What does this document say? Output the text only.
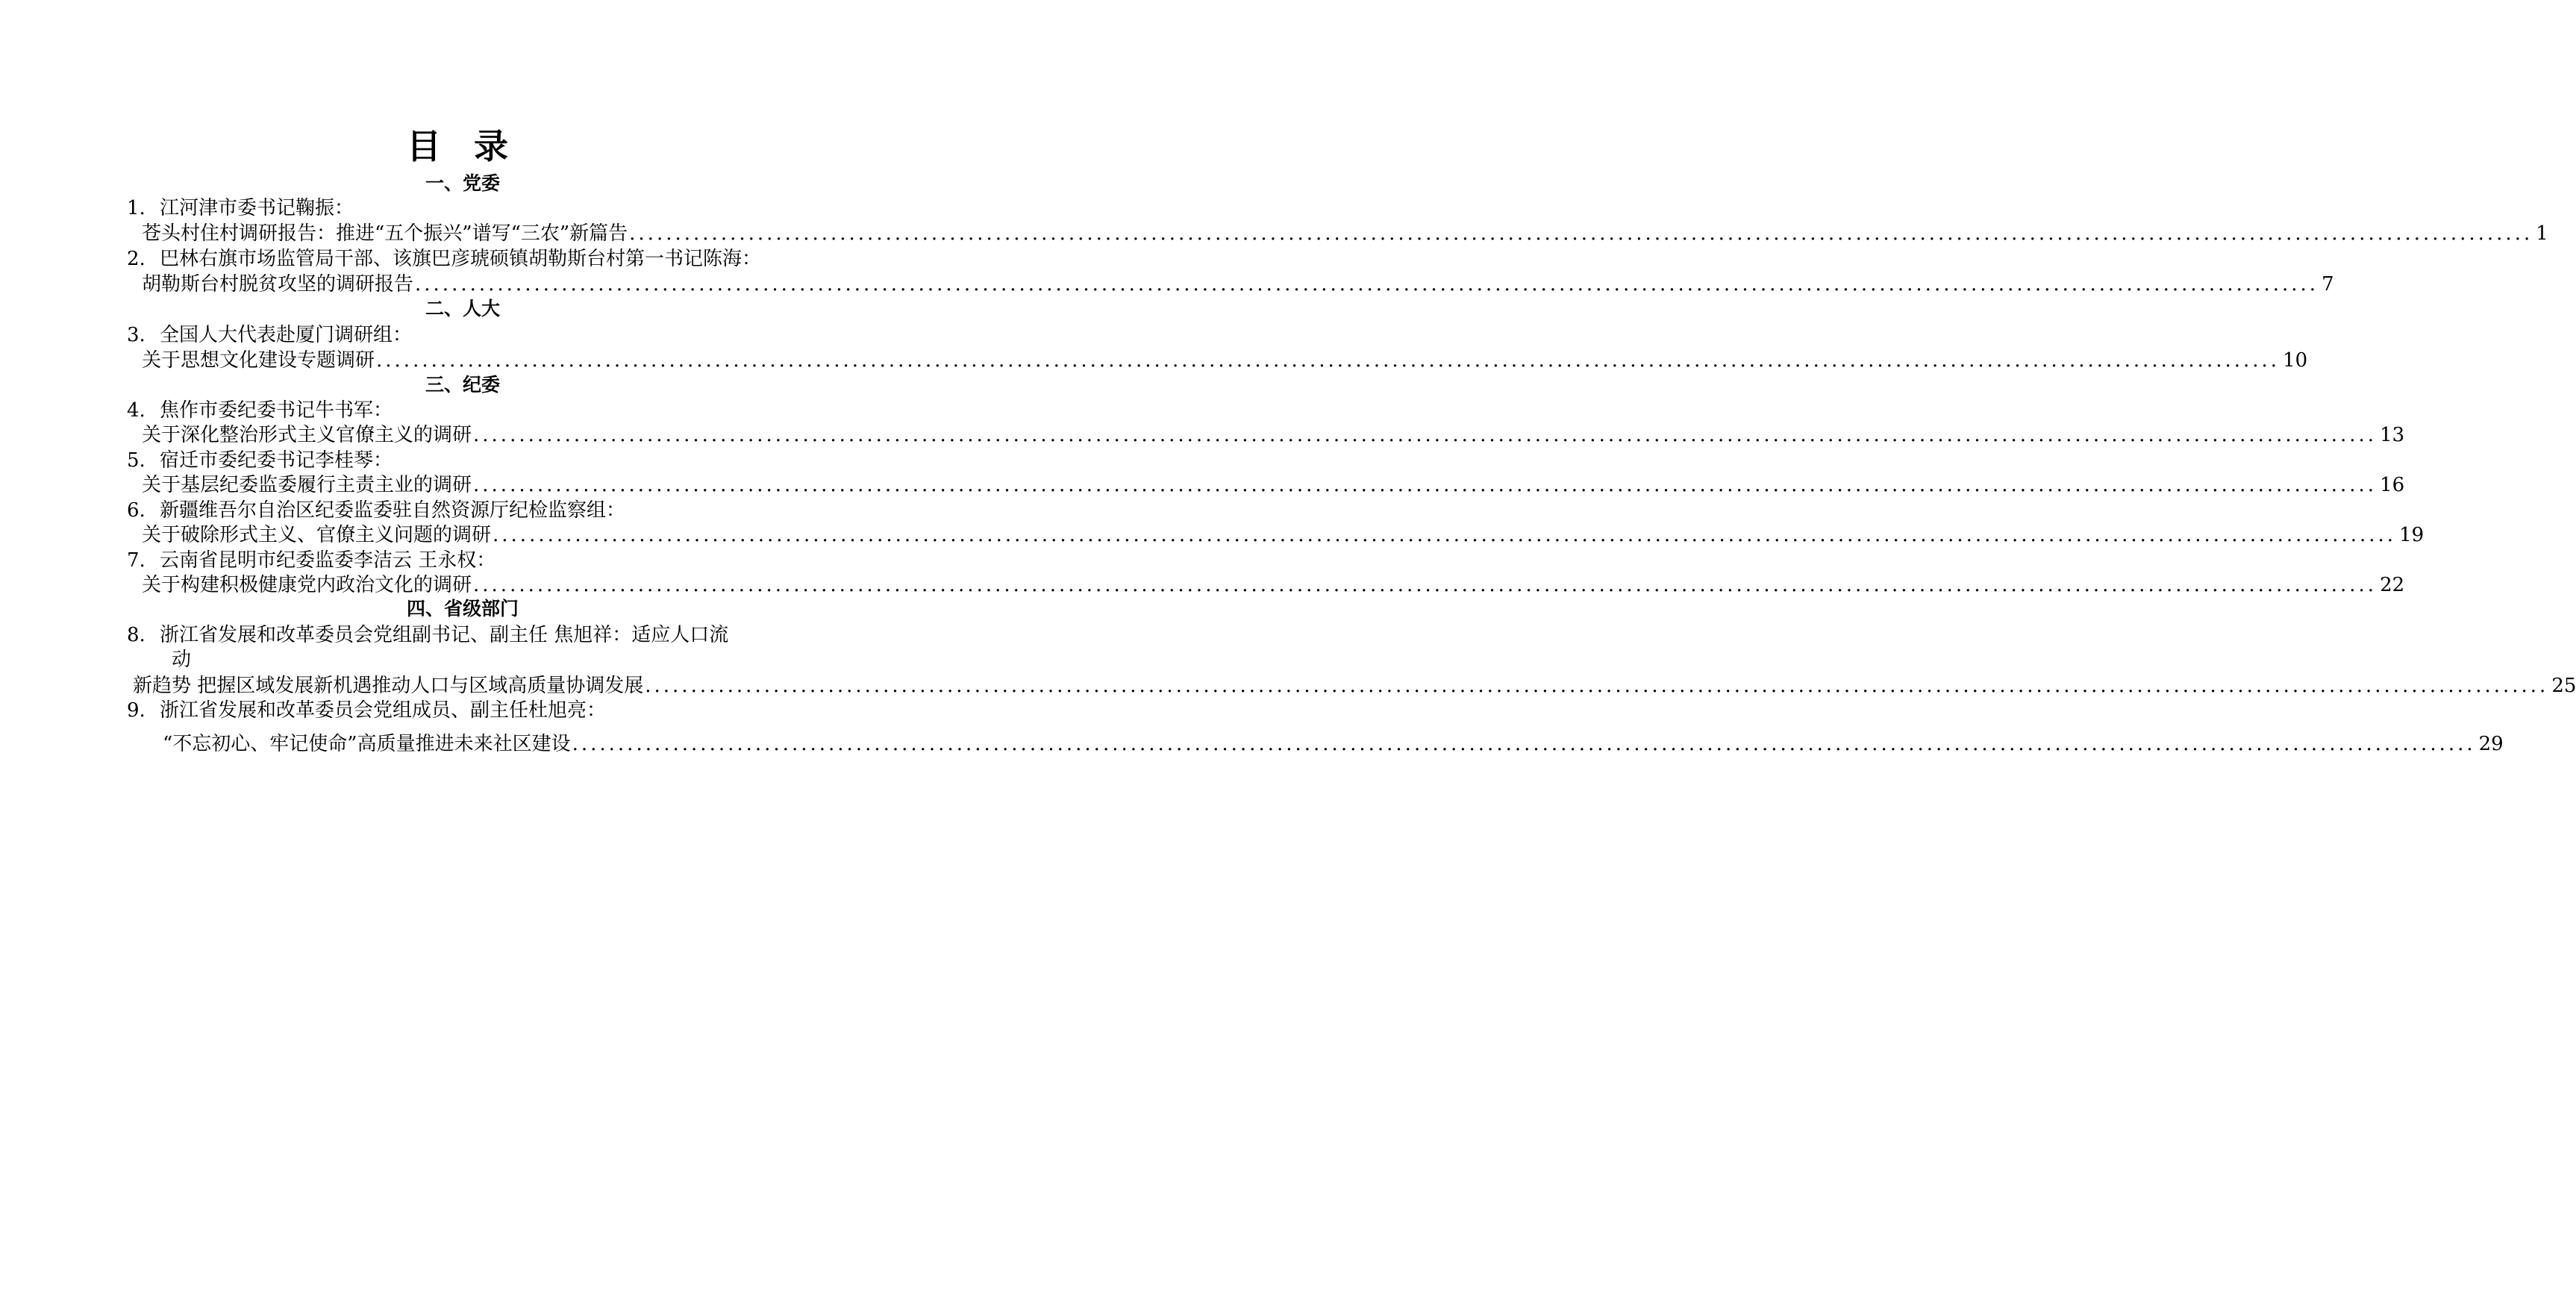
目 录
一、党委
1. 江河津市委书记鞠振：
苍头村住村调研报告：推进“五个振兴”谱写“三农”新篇告 ................................................................................................................................................................................................................ 1
2. 巴林右旗市场监管局干部、该旗巴彦琥硕镇胡勒斯台村第一书记陈海：
胡勒斯台村脱贫攻坚的调研报告 ................................................................................................................................................................................................................ 7
二、人大
3. 全国人大代表赴厦门调研组：
关于思想文化建设专题调研 ................................................................................................................................................................................................................ 10
三、纪委
4. 焦作市委纪委书记牛书军：
关于深化整治形式主义官僚主义的调研 ................................................................................................................................................................................................................ 13
5. 宿迁市委纪委书记李桂琴：
关于基层纪委监委履行主责主业的调研 ................................................................................................................................................................................................................ 16
6. 新疆维吾尔自治区纪委监委驻自然资源厅纪检监察组：
关于破除形式主义、官僚主义问题的调研 ................................................................................................................................................................................................................ 19
7. 云南省昆明市纪委监委李洁云 王永权：
关于构建积极健康党内政治文化的调研 ................................................................................................................................................................................................................ 22
四、省级部门
8. 浙江省发展和改革委员会党组副书记、副主任 焦旭祥：适应人口流
动
新趋势 把握区域发展新机遇推动人口与区域高质量协调发展 ................................................................................................................................................................................................................ 25
9. 浙江省发展和改革委员会党组成员、副主任杜旭亮：
“不忘初心、牢记使命”高质量推进未来社区建设 ................................................................................................................................................................................................................ 29
